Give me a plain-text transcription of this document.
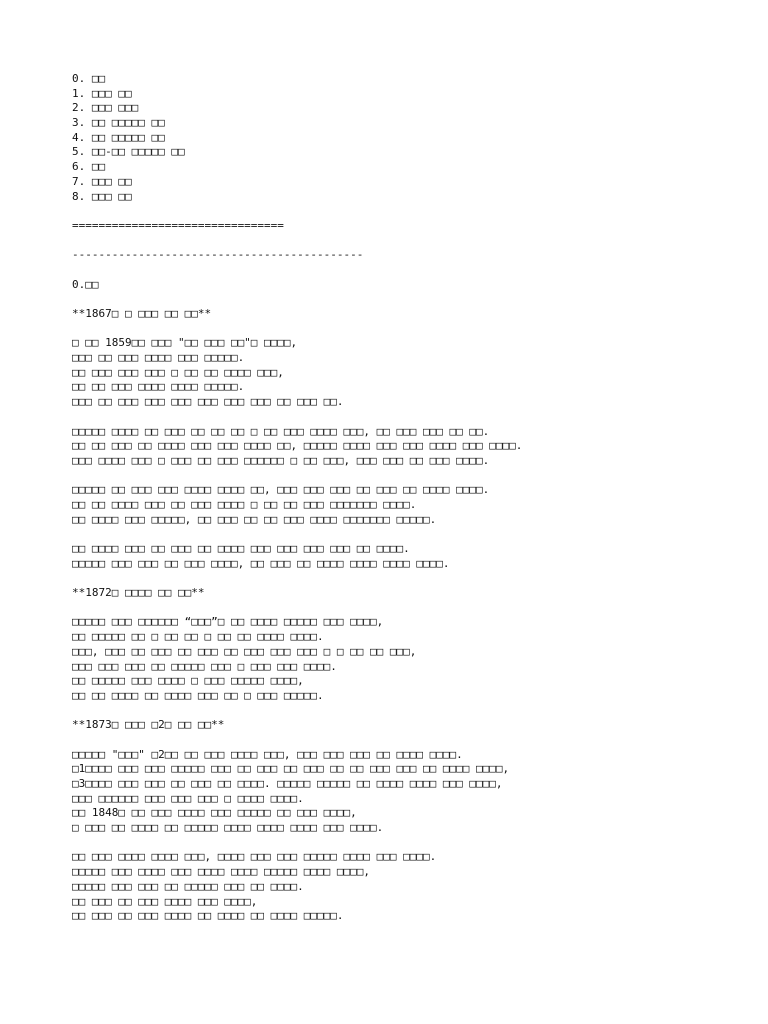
0. □□
1. □□□ □□
2. □□□ □□□
3. □□ □□□□□ □□
4. □□ □□□□□ □□
5. □□-□□ □□□□□ □□
6. □□
7. □□□ □□
8. □□□ □□
================================
--------------------------------------------
0.□□
**1867□ □ □□□ □□ □□**
□ □□ 1859□□ □□□ "□□ □□□ □□"□ □□□□,
□□□ □□ □□□ □□□□ □□□ □□□□□.
□□ □□□ □□□ □□□ □ □□ □□ □□□□ □□□,
□□ □□ □□□ □□□□ □□□□ □□□□□.
□□□ □□ □□□ □□□ □□□ □□□ □□□ □□□ □□ □□□ □□.
□□□□□ □□□□ □□ □□□ □□ □□ □□ □ □□ □□□ □□□□ □□□, □□ □□□ □□□ □□ □□.
□□ □□ □□□ □□ □□□□ □□□ □□□ □□□□ □□, □□□□□ □□□□ □□□ □□□ □□□□ □□□ □□□□.
□□□ □□□□ □□□ □ □□□ □□ □□□ □□□□□□ □ □□ □□□, □□□ □□□ □□ □□□ □□□□.
□□□□□ □□ □□□ □□□ □□□□ □□□□ □□, □□□ □□□ □□□ □□ □□□ □□ □□□□ □□□□.
□□ □□ □□□□ □□□ □□ □□□ □□□□ □ □□ □□ □□□ □□□□□□□ □□□□.
□□ □□□□ □□□ □□□□□, □□ □□□ □□ □□ □□□ □□□□ □□□□□□□ □□□□□.
□□ □□□□ □□□ □□ □□□ □□ □□□□ □□□ □□□ □□□ □□□ □□ □□□□.
□□□□□ □□□ □□□ □□ □□□ □□□□, □□ □□□ □□ □□□□ □□□□ □□□□ □□□□.
**1872□ □□□□ □□ □□**
□□□□□ □□□ □□□□□□ “□□□”□ □□ □□□□ □□□□□ □□□ □□□□,
□□ □□□□□ □□ □ □□ □□ □ □□ □□ □□□□ □□□□.
□□□, □□□ □□ □□□ □□ □□□ □□ □□□ □□□ □□□ □ □ □□ □□ □□□,
□□□ □□□ □□□ □□ □□□□□ □□□ □ □□□ □□□ □□□□.
□□ □□□□□ □□□ □□□□ □ □□□ □□□□□ □□□□,
□□ □□ □□□□ □□ □□□□ □□□ □□ □ □□□ □□□□□.
**1873□ □□□ □2□ □□ □□**
□□□□□ "□□□" □2□□ □□ □□□ □□□□ □□□, □□□ □□□ □□□ □□ □□□□ □□□□.
□1□□□□ □□□ □□□ □□□□□ □□□ □□ □□□ □□ □□□ □□ □□ □□□ □□□ □□ □□□□ □□□□,
□3□□□□ □□□ □□□ □□ □□□ □□ □□□□. □□□□□ □□□□□ □□ □□□□ □□□□ □□□ □□□□,
□□□ □□□□□□ □□□ □□□ □□□ □ □□□□ □□□□.
□□ 1848□ □□ □□□ □□□□ □□□ □□□□□ □□ □□□ □□□□,
□ □□□ □□ □□□□ □□ □□□□□ □□□□ □□□□ □□□□ □□□ □□□□.
□□ □□□ □□□□ □□□□ □□□, □□□□ □□□ □□□ □□□□□ □□□□ □□□ □□□□.
□□□□□ □□□ □□□□ □□□ □□□□ □□□□ □□□□□ □□□□ □□□□,
□□□□□ □□□ □□□ □□ □□□□□ □□□ □□ □□□□.
□□ □□□ □□ □□□ □□□□ □□□ □□□□,
□□ □□□ □□ □□□ □□□□ □□ □□□□ □□ □□□□ □□□□□.
